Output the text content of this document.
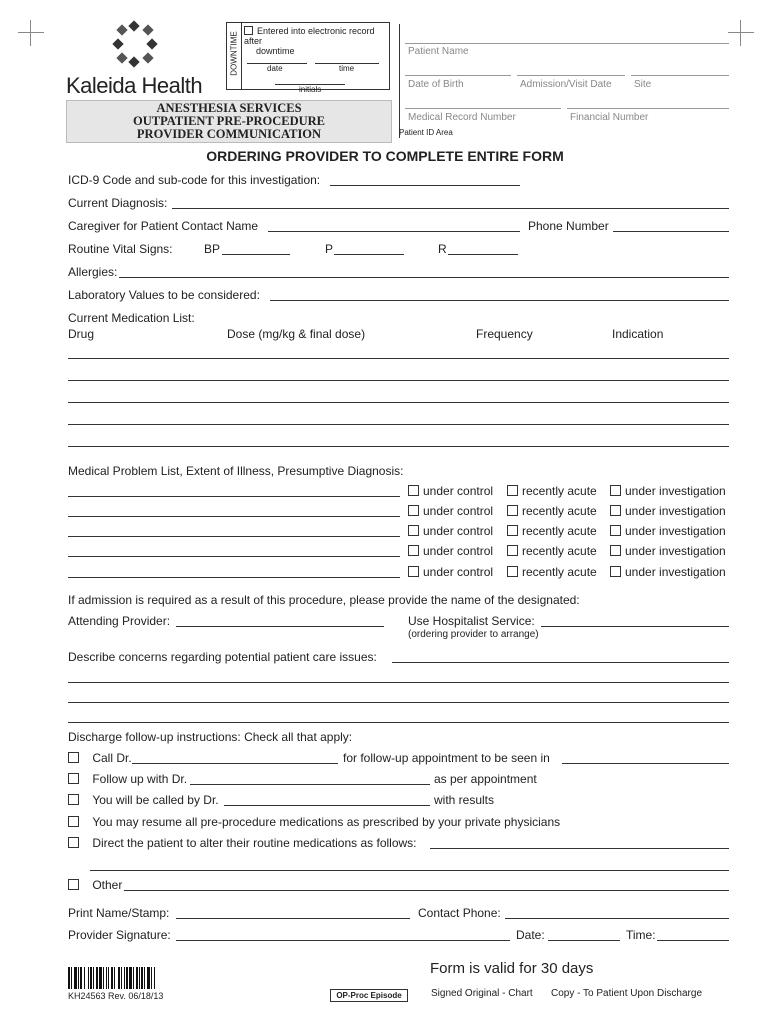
Kaleida Health
ANESTHESIA SERVICES
OUTPATIENT PRE-PROCEDURE
PROVIDER COMMUNICATION
DOWNTIME
Entered into electronic record after
downtime
date	time
initials
Patient Name
Date of Birth	Admission/Visit Date Site
Medical Record Number	Financial Number
Patient ID Area
ORDERING PROVIDER TO COMPLETE ENTIRE FORM
ICD-9 Code and sub-code for this investigation:
Current Diagnosis:
Caregiver for Patient Contact Name	Phone Number
Routine Vital Signs:	BP	P	R
Allergies:
Laboratory Values to be considered:
Current Medication List:
Drug	Dose (mg/kg & final dose)	Frequency	Indication
Medical Problem List, Extent of Illness, Presumptive Diagnosis:
under control	recently acute	under investigation
under control	recently acute	under investigation
under control	recently acute	under investigation
under control	recently acute	under investigation
under control	recently acute	under investigation
If admission is required as a result of this procedure, please provide the name of the designated:
Attending Provider:	Use Hospitalist Service:
(ordering provider to arrange)
Describe concerns regarding potential patient care issues:
Discharge follow-up instructions: Check all that apply:
Call Dr.	for follow-up appointment to be seen in
Follow up with Dr.	as per appointment
You will be called by Dr.	with results
You may resume all pre-procedure medications as prescribed by your private physicians
Direct the patient to alter their routine medications as follows:
Other
Print Name/Stamp:	Contact Phone:
Provider Signature:	Date:	Time:
KH24563 Rev. 06/18/13
Form is valid for 30 days
OP-Proc Episode	Signed Original - Chart Copy - To Patient Upon Discharge
